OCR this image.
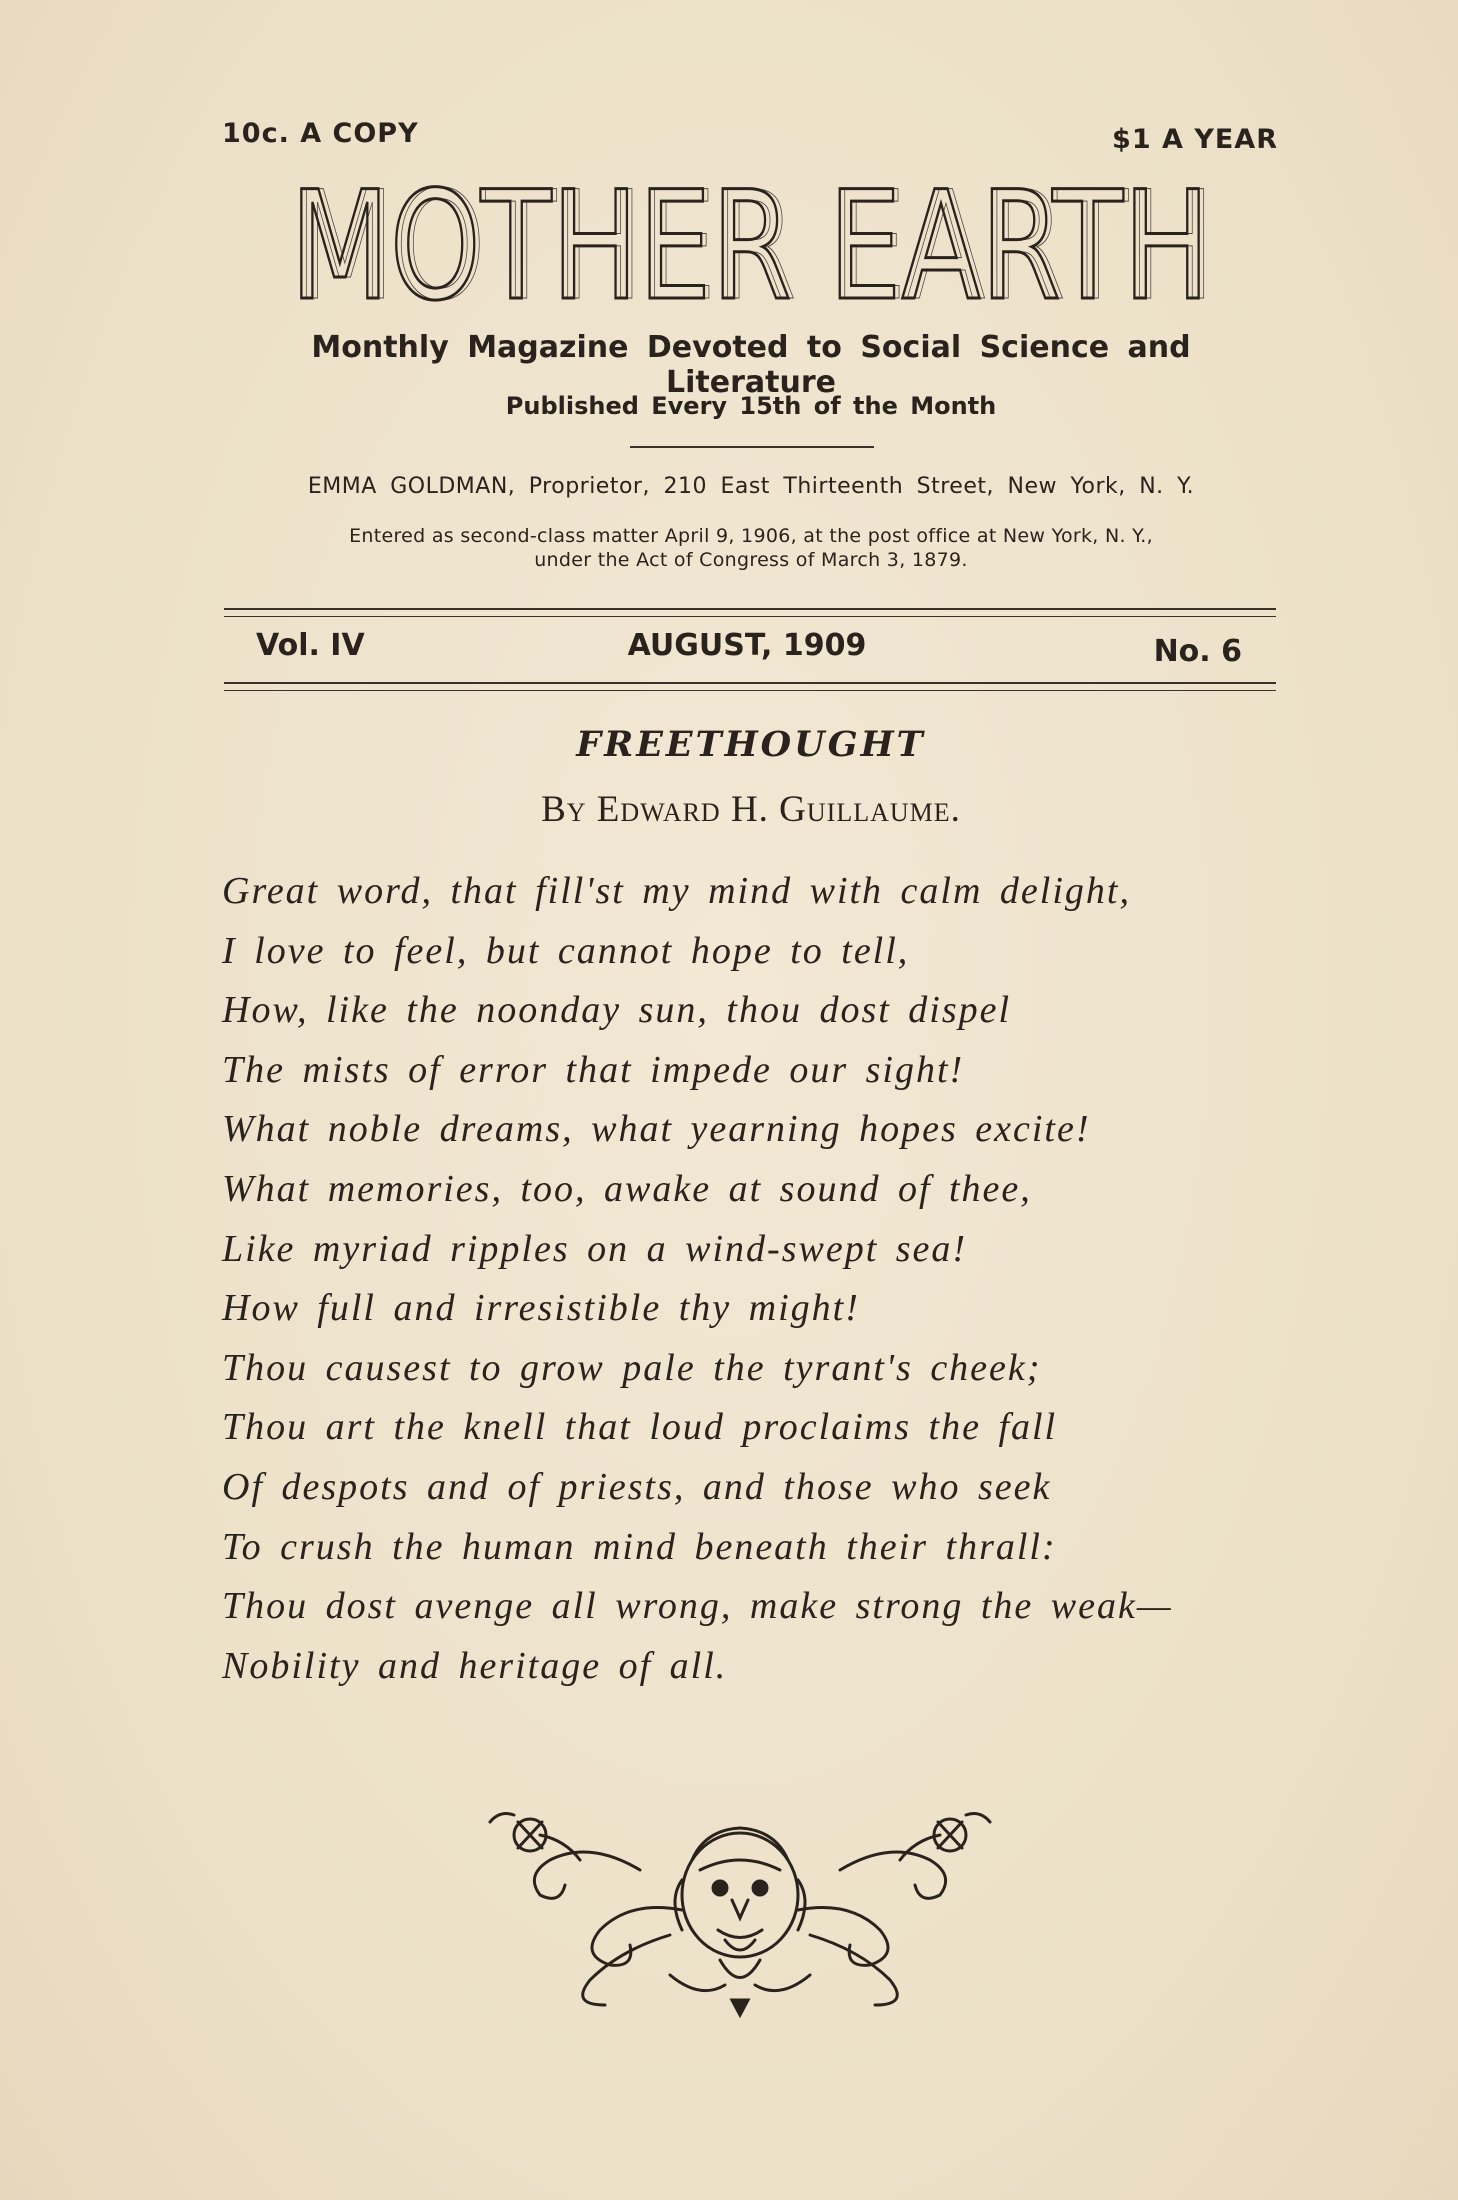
10c. A COPY	$1 A YEAR
MOTHER EARTH
MOTHER EARTH
Monthly Magazine Devoted to Social Science and Literature
Published Every 15th of the Month
EMMA GOLDMAN, Proprietor, 210 East Thirteenth Street, New York, N. Y.
Entered as second-class matter April 9, 1906, at the post office at New York, N. Y.,
under the Act of Congress of March 3, 1879.
Vol. IV	AUGUST, 1909	No. 6
FREETHOUGHT
By Edward H. Guillaume.
Great word, that fill'st my mind with calm delight,
I love to feel, but cannot hope to tell,
How, like the noonday sun, thou dost dispel
The mists of error that impede our sight!
What noble dreams, what yearning hopes excite!
What memories, too, awake at sound of thee,
Like myriad ripples on a wind-swept sea!
How full and irresistible thy might!
Thou causest to grow pale the tyrant's cheek;
Thou art the knell that loud proclaims the fall
Of despots and of priests, and those who seek
To crush the human mind beneath their thrall:
Thou dost avenge all wrong, make strong the weak—
Nobility and heritage of all.
